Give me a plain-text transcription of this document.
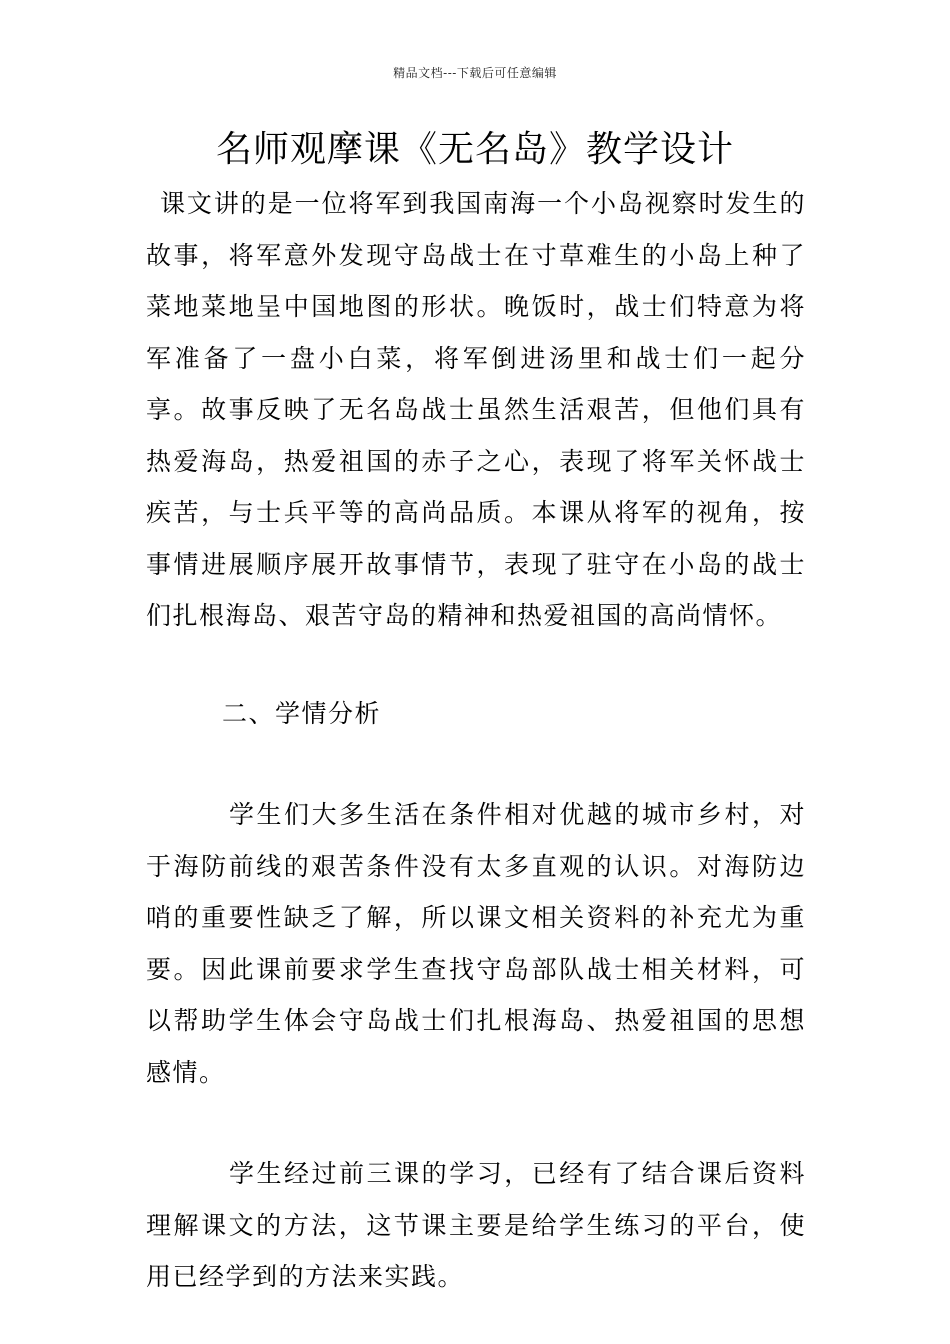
精品文档---下载后可任意编辑
名师观摩课《无名岛》教学设计

课文讲的是一位将军到我国南海一个小岛视察时发生的故事，将军意外发现守岛战士在寸草难生的小岛上种了菜地菜地呈中国地图的形状。晚饭时，战士们特意为将军准备了一盘小白菜，将军倒进汤里和战士们一起分享。故事反映了无名岛战士虽然生活艰苦，但他们具有热爱海岛，热爱祖国的赤子之心，表现了将军关怀战士疾苦，与士兵平等的高尚品质。本课从将军的视角，按事情进展顺序展开故事情节，表现了驻守在小岛的战士们扎根海岛、艰苦守岛的精神和热爱祖国的高尚情怀。

二、学情分析

学生们大多生活在条件相对优越的城市乡村，对于海防前线的艰苦条件没有太多直观的认识。对海防边哨的重要性缺乏了解，所以课文相关资料的补充尤为重要。因此课前要求学生查找守岛部队战士相关材料，可以帮助学生体会守岛战士们扎根海岛、热爱祖国的思想感情。

学生经过前三课的学习，已经有了结合课后资料理解课文的方法，这节课主要是给学生练习的平台，使用已经学到的方法来实践。
